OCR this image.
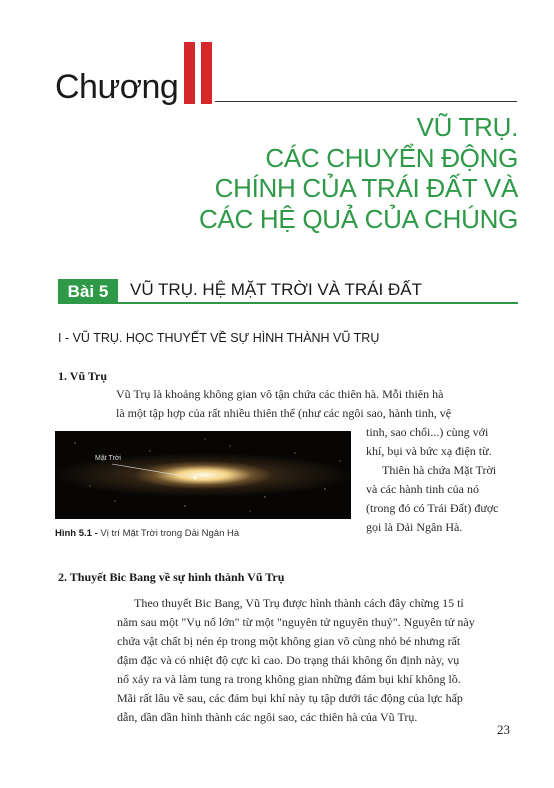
Chương
VŨ TRỤ.
CÁC CHUYỂN ĐỘNG
CHÍNH CỦA TRÁI ĐẤT VÀ
CÁC HỆ QUẢ CỦA CHÚNG
Bài 5	VŨ TRỤ. HỆ MẶT TRỜI VÀ TRÁI ĐẤT
I - VŨ TRỤ. HỌC THUYẾT VỀ SỰ HÌNH THÀNH VŨ TRỤ
1. Vũ Trụ
Vũ Trụ là khoảng không gian vô tận chứa các thiên hà. Mỗi thiên hà
là một tập hợp của rất nhiều thiên thể (như các ngôi sao, hành tinh, vệ
tinh, sao chổi...) cùng với
khí, bụi và bức xạ điện từ.
Thiên hà chứa Mặt Trời
và các hành tinh của nó
(trong đó có Trái Đất) được
gọi là Dải Ngân Hà.
Mặt Trời
Hình 5.1 - Vị trí Mặt Trời trong Dải Ngân Hà
2. Thuyết Bic Bang về sự hình thành Vũ Trụ
Theo thuyết Bic Bang, Vũ Trụ được hình thành cách đây chừng 15 tỉ
năm sau một "Vụ nổ lớn" từ một "nguyên tử nguyên thuỷ". Nguyên tử này
chứa vật chất bị nén ép trong một không gian vô cùng nhỏ bé nhưng rất
đậm đặc và có nhiệt độ cực kì cao. Do trạng thái không ổn định này, vụ
nổ xảy ra và làm tung ra trong không gian những đám bụi khí không lồ.
Mãi rất lâu về sau, các đám bụi khí này tụ tập dưới tác động của lực hấp
dẫn, dần dần hình thành các ngôi sao, các thiên hà của Vũ Trụ.
23
